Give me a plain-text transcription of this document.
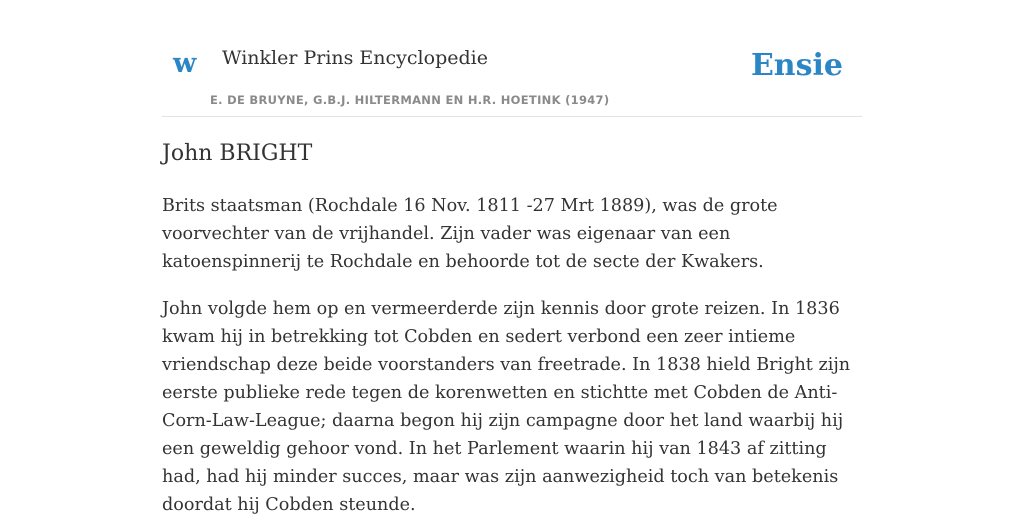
w Winkler Prins Encyclopedie
E. DE BRUYNE, G.B.J. HILTERMANN EN H.R. HOETINK (1947)
Ensie
John BRIGHT

Brits staatsman (Rochdale 16 Nov. 1811 -27 Mrt 1889), was de grote voorvechter van de vrijhandel. Zijn vader was eigenaar van een katoenspinnerij te Rochdale en behoorde tot de secte der Kwakers.

John volgde hem op en vermeerderde zijn kennis door grote reizen. In 1836 kwam hij in betrekking tot Cobden en sedert verbond een zeer intieme vriendschap deze beide voorstanders van freetrade. In 1838 hield Bright zijn eerste publieke rede tegen de korenwetten en stichtte met Cobden de Anti-Corn-Law-League; daarna begon hij zijn campagne door het land waarbij hij een geweldig gehoor vond. In het Parlement waarin hij van 1843 af zitting had, had hij minder succes, maar was zijn aanwezigheid toch van betekenis doordat hij Cobden steunde.
